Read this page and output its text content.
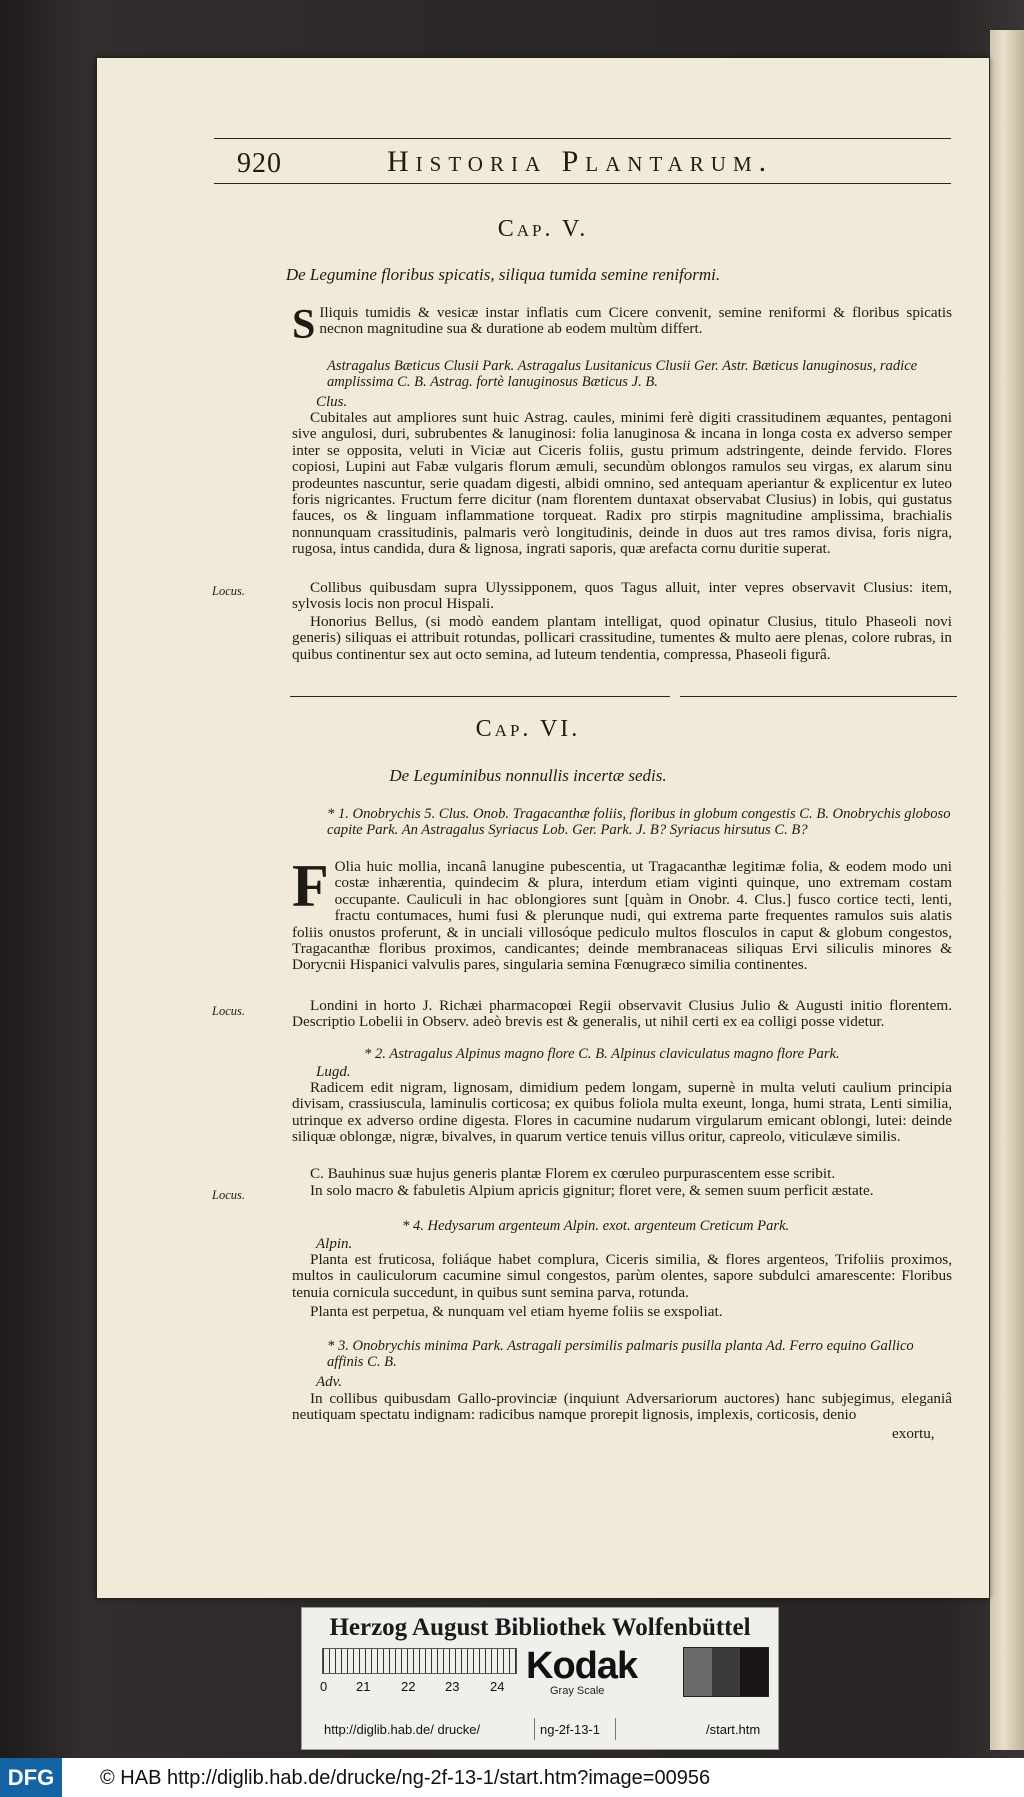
920	Historia Plantarum.
Cap. V.
De Legumine floribus spicatis, siliqua tumida semine reniformi.
S Iliquis tumidis & vesicæ instar inflatis cum Cicere convenit, semine reniformi & floribus spicatis necnon magnitudine sua & duratione ab eodem multùm differt.
Astragalus Bæticus Clusii Park. Astragalus Lusitanicus Clusii Ger. Astr. Bæticus lanuginosus, radice amplissima C. B. Astrag. fortè lanuginosus Bæticus J. B.
Clus.
Cubitales aut ampliores sunt huic Astrag. caules, minimi ferè digiti crassitudinem æquantes, pentagoni sive angulosi, duri, subrubentes & lanuginosi: folia lanuginosa & incana in longa costa ex adverso semper inter se opposita, veluti in Viciæ aut Ciceris foliis, gustu primum adstringente, deinde fervido. Flores copiosi, Lupini aut Fabæ vulgaris florum æmuli, secundùm oblongos ramulos seu virgas, ex alarum sinu prodeuntes nascuntur, serie quadam digesti, albidi omnino, sed antequam aperiantur & explicentur ex luteo foris nigricantes. Fructum ferre dicitur (nam florentem duntaxat observabat Clusius) in lobis, qui gustatus fauces, os & linguam inflammatione torqueat. Radix pro stirpis magnitudine amplissima, brachialis nonnunquam crassitudinis, palmaris verò longitudinis, deinde in duos aut tres ramos divisa, foris nigra, rugosa, intus candida, dura & lignosa, ingrati saporis, quæ arefacta cornu duritie superat.
Locus.	Collibus quibusdam supra Ulyssipponem, quos Tagus alluit, inter vepres observavit Clusius: item, sylvosis locis non procul Hispali.
Honorius Bellus, (si modò eandem plantam intelligat, quod opinatur Clusius, titulo Phaseoli novi generis) siliquas ei attribuit rotundas, pollicari crassitudine, tumentes & multo aere plenas, colore rubras, in quibus continentur sex aut octo semina, ad luteum tendentia, compressa, Phaseoli figurâ.
Cap. VI.
De Leguminibus nonnullis incertæ sedis.
* 1. Onobrychis 5. Clus. Onob. Tragacanthæ foliis, floribus in globum congestis C. B. Onobrychis globoso capite Park. An Astragalus Syriacus Lob. Ger. Park. J. B? Syriacus hirsutus C. B?
F Olia huic mollia, incanâ lanugine pubescentia, ut Tragacanthæ legitimæ folia, & eodem modo uni costæ inhærentia, quindecim & plura, interdum etiam viginti quinque, uno extremam costam occupante. Cauliculi in hac oblongiores sunt [quàm in Onobr. 4. Clus.] fusco cortice tecti, lenti, fractu contumaces, humi fusi & plerunque nudi, qui extrema parte frequentes ramulos suis alatis foliis onustos proferunt, & in unciali villosóque pediculo multos flosculos in caput & globum congestos, Tragacanthæ floribus proximos, candicantes; deinde membranaceas siliquas Ervi siliculis minores & Dorycnii Hispanici valvulis pares, singularia semina Fœnugræco similia continentes.
Locus.	Londini in horto J. Richæi pharmacopœi Regii observavit Clusius Julio & Augusti initio florentem. Descriptio Lobelii in Observ. adeò brevis est & generalis, ut nihil certi ex ea colligi posse videtur.
* 2. Astragalus Alpinus magno flore C. B. Alpinus claviculatus magno flore Park.
Lugd.
Radicem edit nigram, lignosam, dimidium pedem longam, supernè in multa veluti caulium principia divisam, crassiuscula, laminulis corticosa; ex quibus foliola multa exeunt, longa, humi strata, Lenti similia, utrinque ex adverso ordine digesta. Flores in cacumine nudarum virgularum emicant oblongi, lutei: deinde siliquæ oblongæ, nigræ, bivalves, in quarum vertice tenuis villus oritur, capreolo, viticulæve similis.
C. Bauhinus suæ hujus generis plantæ Florem ex cœruleo purpurascentem esse scribit.
Locus.	In solo macro & fabuletis Alpium apricis gignitur; floret vere, & semen suum perficit æstate.
* 4. Hedysarum argenteum Alpin. exot. argenteum Creticum Park.
Alpin.
Planta est fruticosa, foliáque habet complura, Ciceris similia, & flores argenteos, Trifoliis proximos, multos in cauliculorum cacumine simul congestos, parùm olentes, sapore subdulci amarescente: Floribus tenuia cornicula succedunt, in quibus sunt semina parva, rotunda.
Planta est perpetua, & nunquam vel etiam hyeme foliis se exspoliat.
* 3. Onobrychis minima Park. Astragali persimilis palmaris pusilla planta Ad. Ferro equino Gallico affinis C. B.
Adv.
In collibus quibusdam Gallo-provinciæ (inquiunt Adversariorum auctores) hanc subjegimus, eleganiâ neutiquam spectatu indignam: radicibus namque prorepit lignosis, implexis, corticosis, denio
exortu,
Herzog August Bibliothek Wolfenbüttel
0 21 22 23 24 Kodak
Gray Scale
http://diglib.hab.de/ drucke/	ng-2f-13-1	/start.htm
DFG	© HAB http://diglib.hab.de/drucke/ng-2f-13-1/start.htm?image=00956
